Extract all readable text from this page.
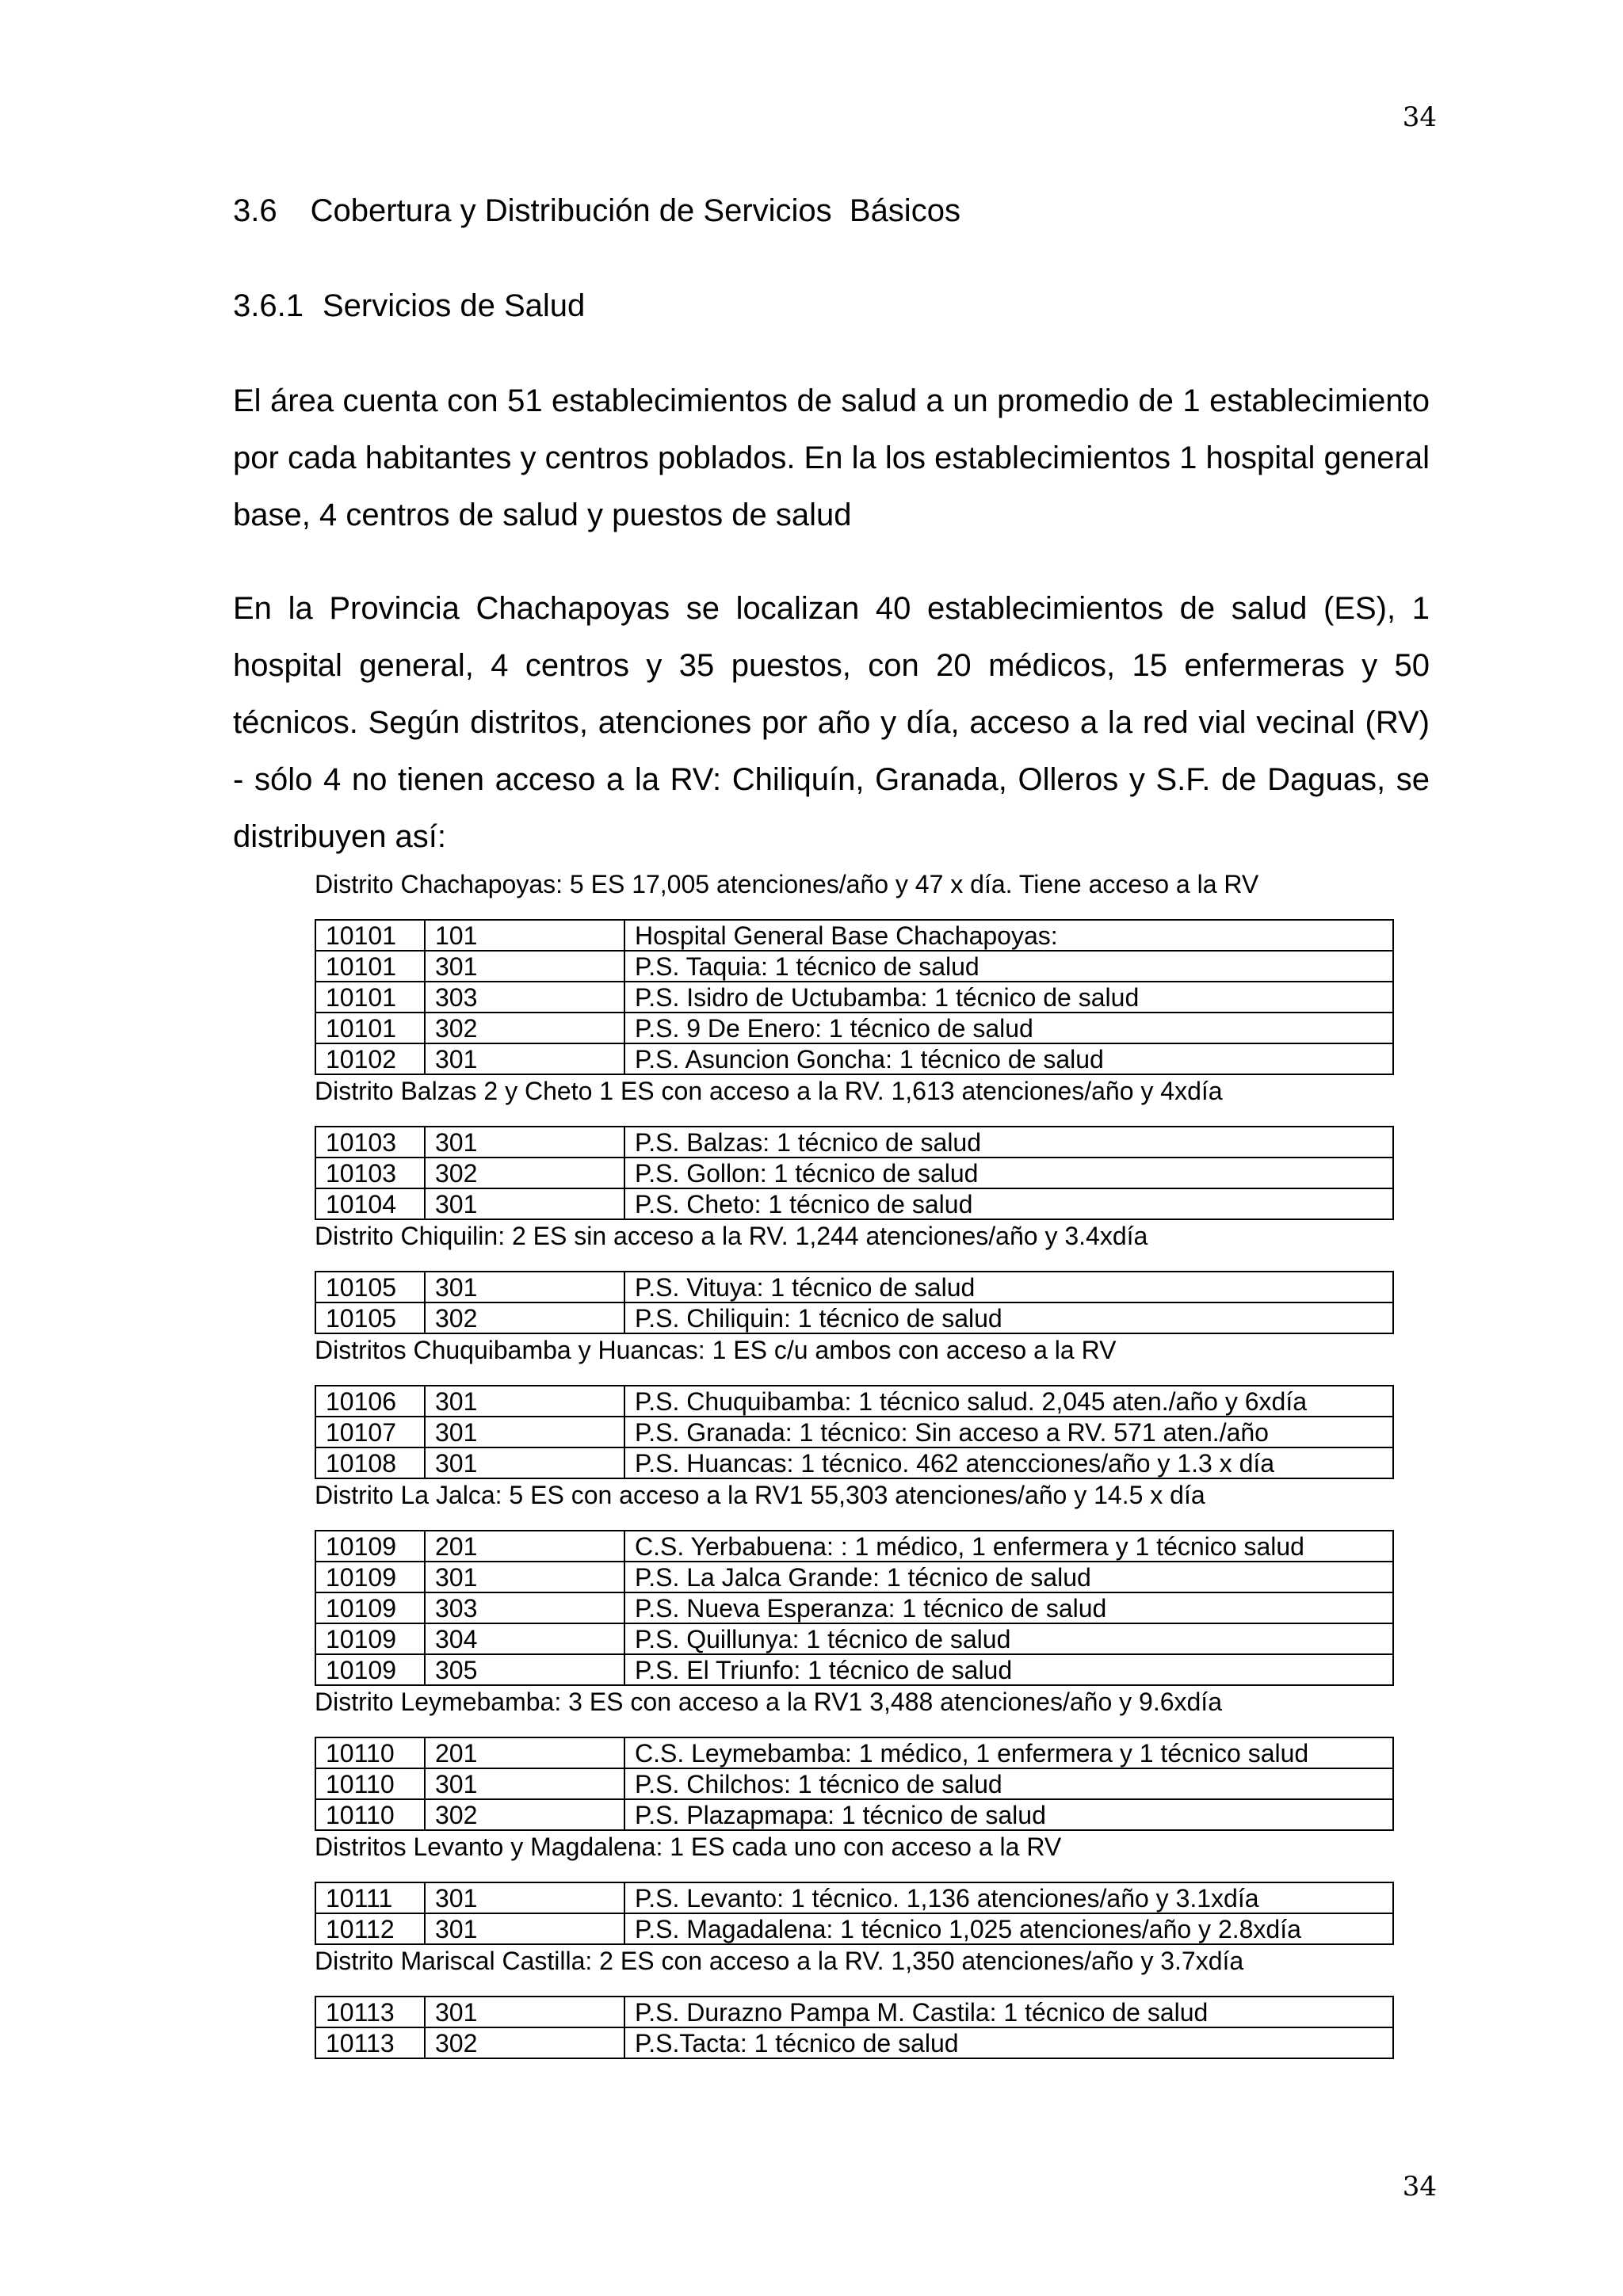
34
3.6 Cobertura y Distribución de Servicios  Básicos
3.6.1 Servicios de Salud
El área cuenta con 51 establecimientos de salud a un promedio de 1 establecimiento por cada habitantes y centros poblados. En la los establecimientos 1 hospital general base, 4 centros de salud y puestos de salud
En la Provincia Chachapoyas se localizan 40 establecimientos de salud (ES), 1 hospital general, 4 centros y 35 puestos, con 20 médicos, 15 enfermeras y 50 técnicos. Según distritos, atenciones por año y día, acceso a la red vial vecinal (RV) - sólo 4 no tienen acceso a la RV: Chiliquín, Granada, Olleros y S.F. de Daguas, se distribuyen así:
Distrito Chachapoyas: 5 ES 17,005 atenciones/año y 47 x día. Tiene acceso a la RV
10101	101	Hospital General Base Chachapoyas:
10101	301	P.S. Taquia: 1 técnico de salud
10101	303	P.S. Isidro de Uctubamba: 1 técnico de salud
10101	302	P.S. 9 De Enero: 1 técnico de salud
10102	301	P.S. Asuncion Goncha: 1 técnico de salud
Distrito Balzas 2 y Cheto 1 ES con acceso a la RV. 1,613 atenciones/año y 4xdía
10103	301	P.S. Balzas: 1 técnico de salud
10103	302	P.S. Gollon: 1 técnico de salud
10104	301	P.S. Cheto: 1 técnico de salud
Distrito Chiquilin: 2 ES sin acceso a la RV. 1,244 atenciones/año y 3.4xdía
10105	301	P.S. Vituya: 1 técnico de salud
10105	302	P.S. Chiliquin: 1 técnico de salud
Distritos Chuquibamba y Huancas: 1 ES c/u ambos con acceso a la RV
10106	301	P.S. Chuquibamba: 1 técnico salud. 2,045 aten./año y 6xdía
10107	301	P.S. Granada: 1 técnico: Sin acceso a RV. 571 aten./año
10108	301	P.S. Huancas: 1 técnico. 462 atencciones/año y 1.3 x día
Distrito La Jalca: 5 ES con acceso a la RV1 55,303 atenciones/año y 14.5 x día
10109	201	C.S. Yerbabuena: : 1 médico, 1 enfermera y 1 técnico salud
10109	301	P.S. La Jalca Grande: 1 técnico de salud
10109	303	P.S. Nueva Esperanza: 1 técnico de salud
10109	304	P.S. Quillunya: 1 técnico de salud
10109	305	P.S. El Triunfo: 1 técnico de salud
Distrito Leymebamba: 3 ES con acceso a la RV1 3,488 atenciones/año y 9.6xdía
10110	201	C.S. Leymebamba: 1 médico, 1 enfermera y 1 técnico salud
10110	301	P.S. Chilchos: 1 técnico de salud
10110	302	P.S. Plazapmapa: 1 técnico de salud
Distritos Levanto y Magdalena: 1 ES cada uno con acceso a la RV
10111	301	P.S. Levanto: 1 técnico. 1,136 atenciones/año y 3.1xdía
10112	301	P.S. Magadalena: 1 técnico 1,025 atenciones/año y 2.8xdía
Distrito Mariscal Castilla: 2 ES con acceso a la RV. 1,350 atenciones/año y 3.7xdía
10113	301	P.S. Durazno Pampa M. Castila: 1 técnico de salud
10113	302	P.S.Tacta: 1 técnico de salud
34
